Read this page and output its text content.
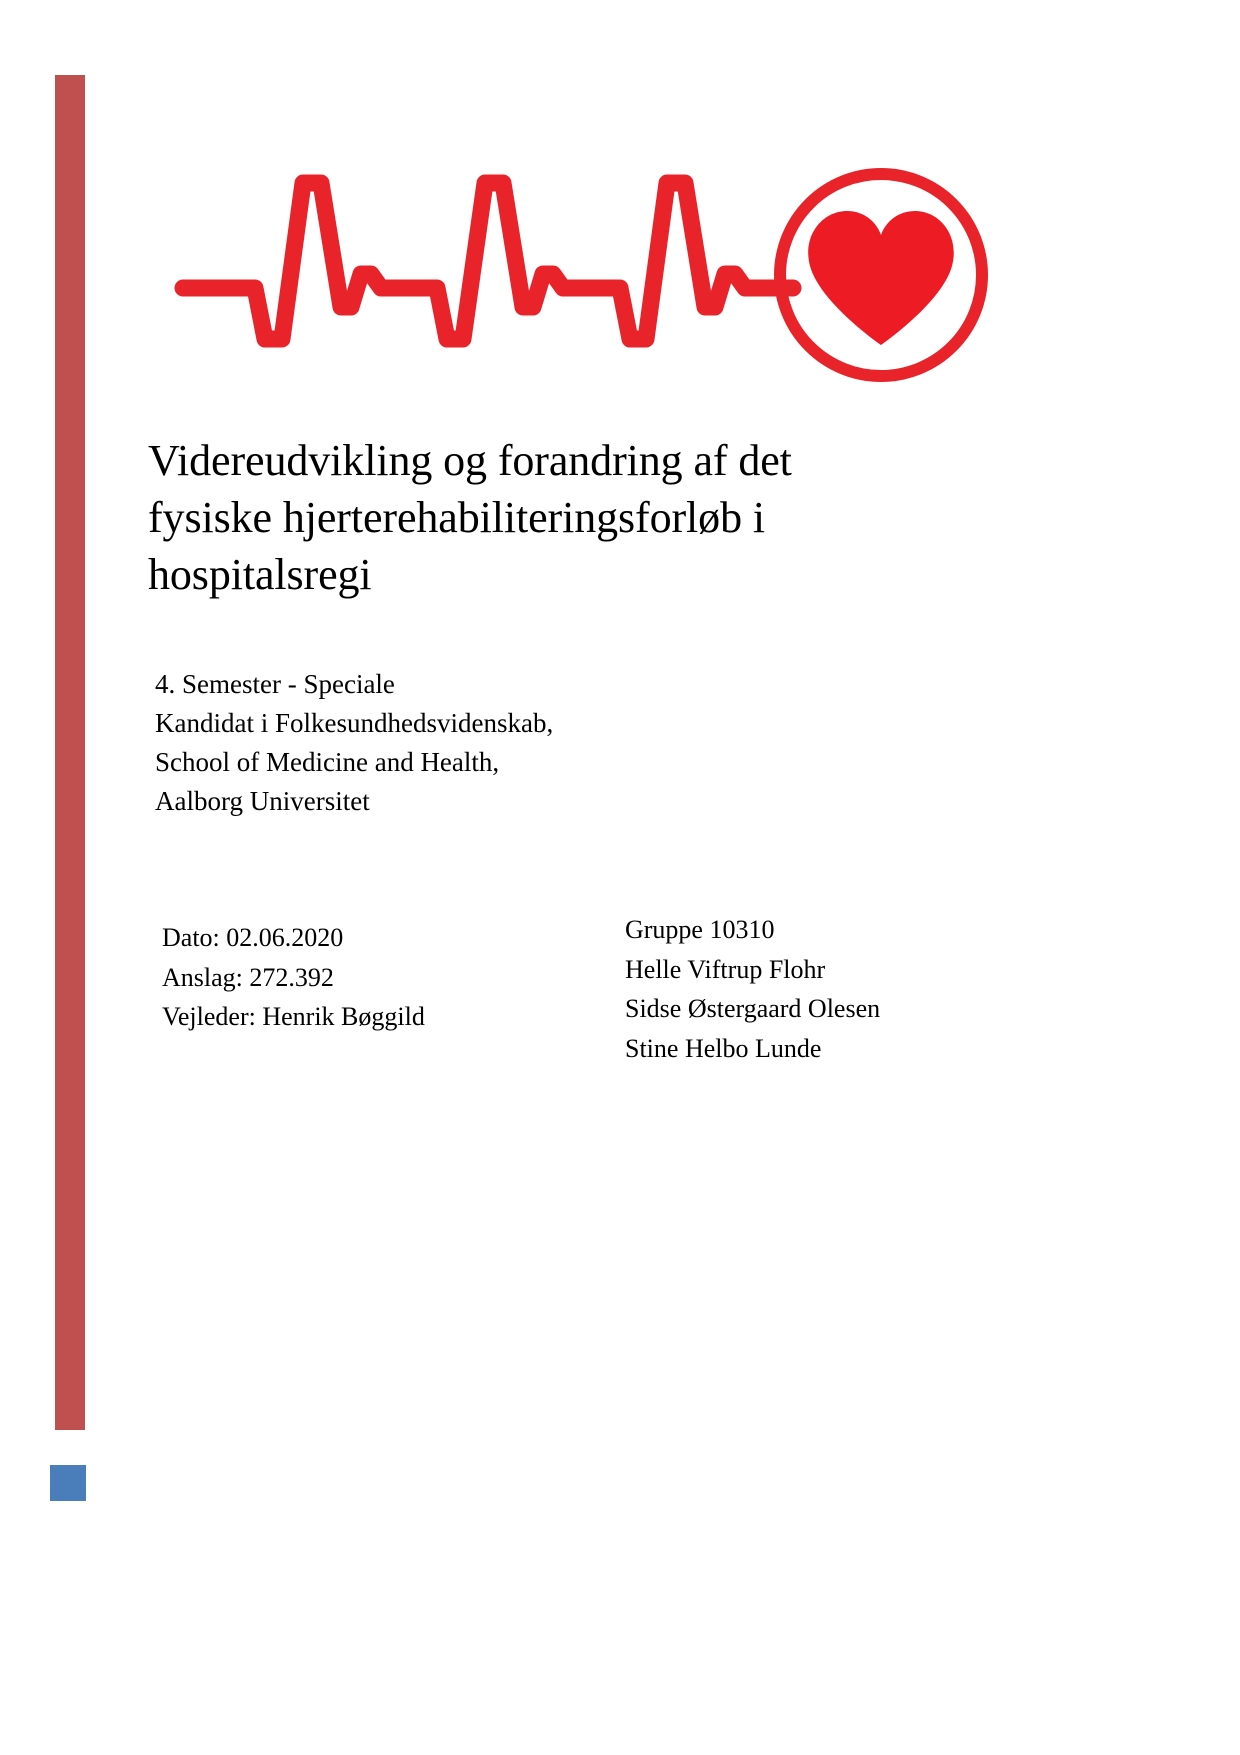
Videreudvikling og forandring af det fysiske hjerterehabiliteringsforløb i hospitalsregi
4. Semester - Speciale
Kandidat i Folkesundhedsvidenskab,
School of Medicine and Health,
Aalborg Universitet
Dato: 02.06.2020
Anslag: 272.392
Vejleder: Henrik Bøggild
Gruppe 10310
Helle Viftrup Flohr
Sidse Østergaard Olesen
Stine Helbo Lunde
